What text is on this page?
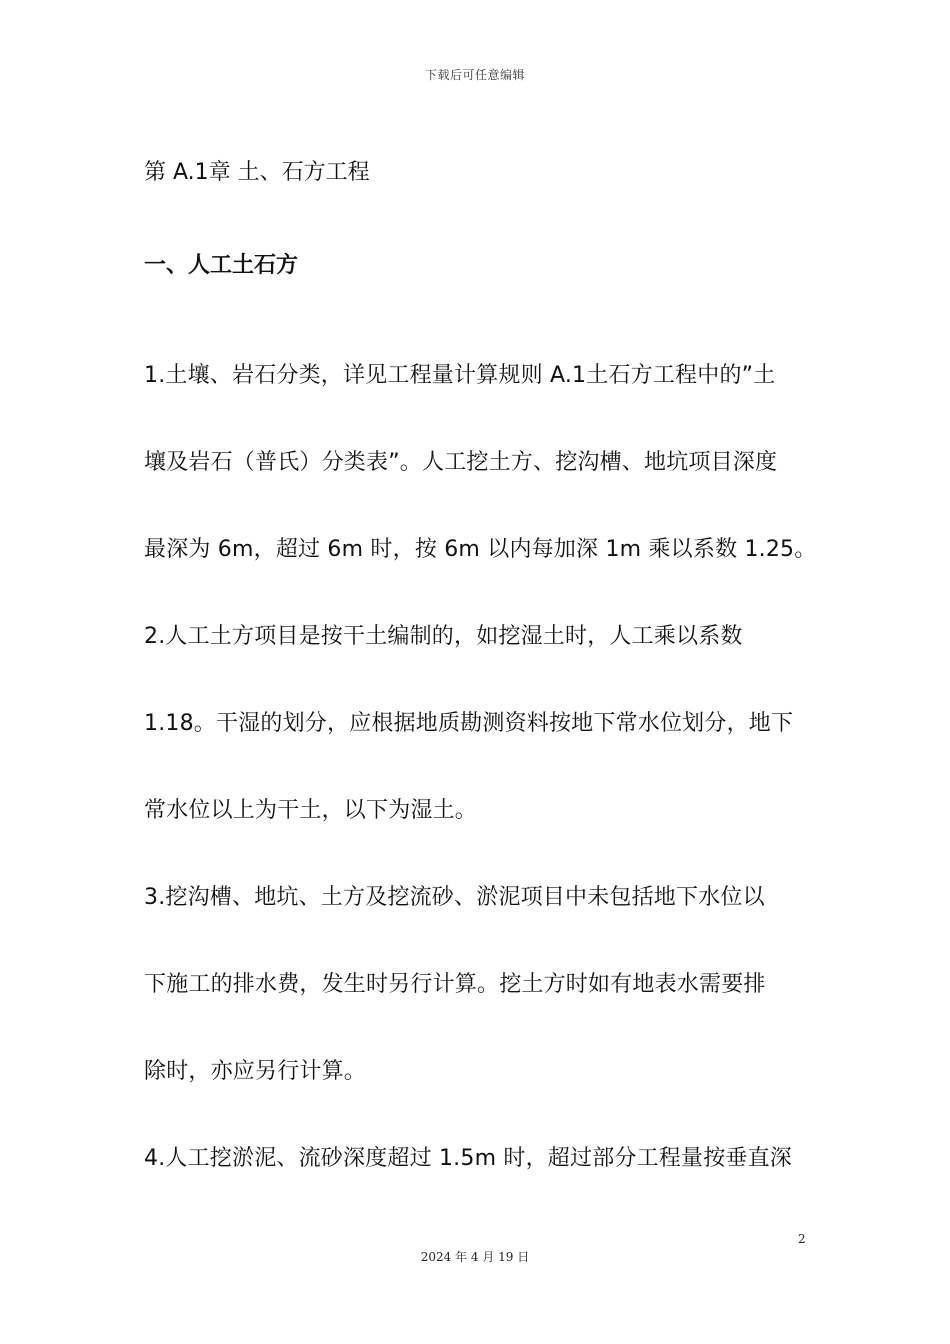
下载后可任意编辑
第 A.1章 土、石方工程
一、人工土石方

1.土壤、岩石分类，详见工程量计算规则 A.1土石方工程中的”土
壤及岩石（普氏）分类表”。人工挖土方、挖沟槽、地坑项目深度
最深为 6m，超过 6m 时，按 6m 以内每加深 1m 乘以系数 1.25。

2.人工土方项目是按干土编制的，如挖湿土时，人工乘以系数
1.18。干湿的划分，应根据地质勘测资料按地下常水位划分，地下
常水位以上为干土，以下为湿土。

3.挖沟槽、地坑、土方及挖流砂、淤泥项目中未包括地下水位以
下施工的排水费，发生时另行计算。挖土方时如有地表水需要排
除时，亦应另行计算。

4.人工挖淤泥、流砂深度超过 1.5m 时，超过部分工程量按垂直深

2
2024 年 4 月 19 日
